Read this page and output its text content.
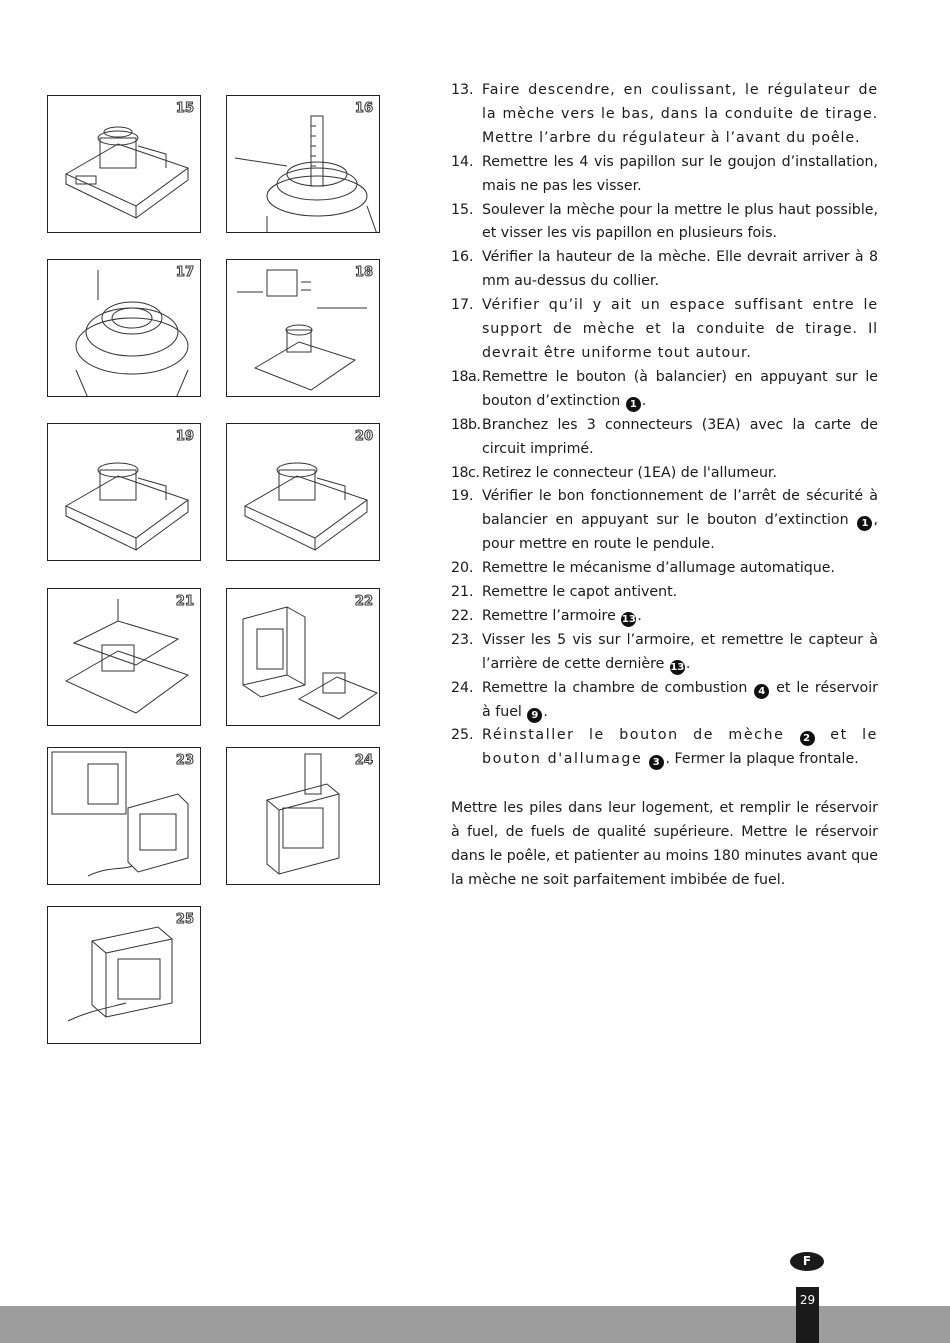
15	16
17	18
19	20
21	22
23	24
25
13. Faire descendre, en coulissant, le régulateur de la mèche vers le bas, dans la conduite de tirage. Mettre l’arbre du régulateur à l’avant du poêle.
14. Remettre les 4 vis papillon sur le goujon d’installation, mais ne pas les visser.
15. Soulever la mèche pour la mettre le plus haut possible, et visser les vis papillon en plusieurs fois.
16. Vérifier la hauteur de la mèche. Elle devrait arriver à 8 mm au-dessus du collier.
17. Vérifier qu’il y ait un espace suffisant entre le support de mèche et la conduite de tirage. Il devrait être uniforme tout autour.
18a. Remettre le bouton (à balancier) en appuyant sur le bouton d’extinction 1 .
18b. Branchez les 3 connecteurs (3EA) avec la carte de circuit imprimé.
18c. Retirez le connecteur (1EA) de l'allumeur.
19. Vérifier le bon fonctionnement de l’arrêt de sécurité à balancier en appuyant sur le bouton d’extinction 1 , pour mettre en route le pendule.
20. Remettre le mécanisme d’allumage automatique.
21. Remettre le capot antivent.
22. Remettre l’armoire 13 .
23. Visser les 5 vis sur l’armoire, et remettre le capteur à l’arrière de cette dernière 13 .
24. Remettre la chambre de combustion 4 et le réservoir à fuel 9 .
25. Réinstaller le bouton de mèche 2 et le bouton d'allumage 3 . Fermer la plaque frontale.

Mettre les piles dans leur logement, et remplir le réservoir à fuel, de fuels de qualité supérieure. Mettre le réservoir dans le poêle, et patienter au moins 180 minutes avant que la mèche ne soit parfaitement imbibée de fuel.

F
29
